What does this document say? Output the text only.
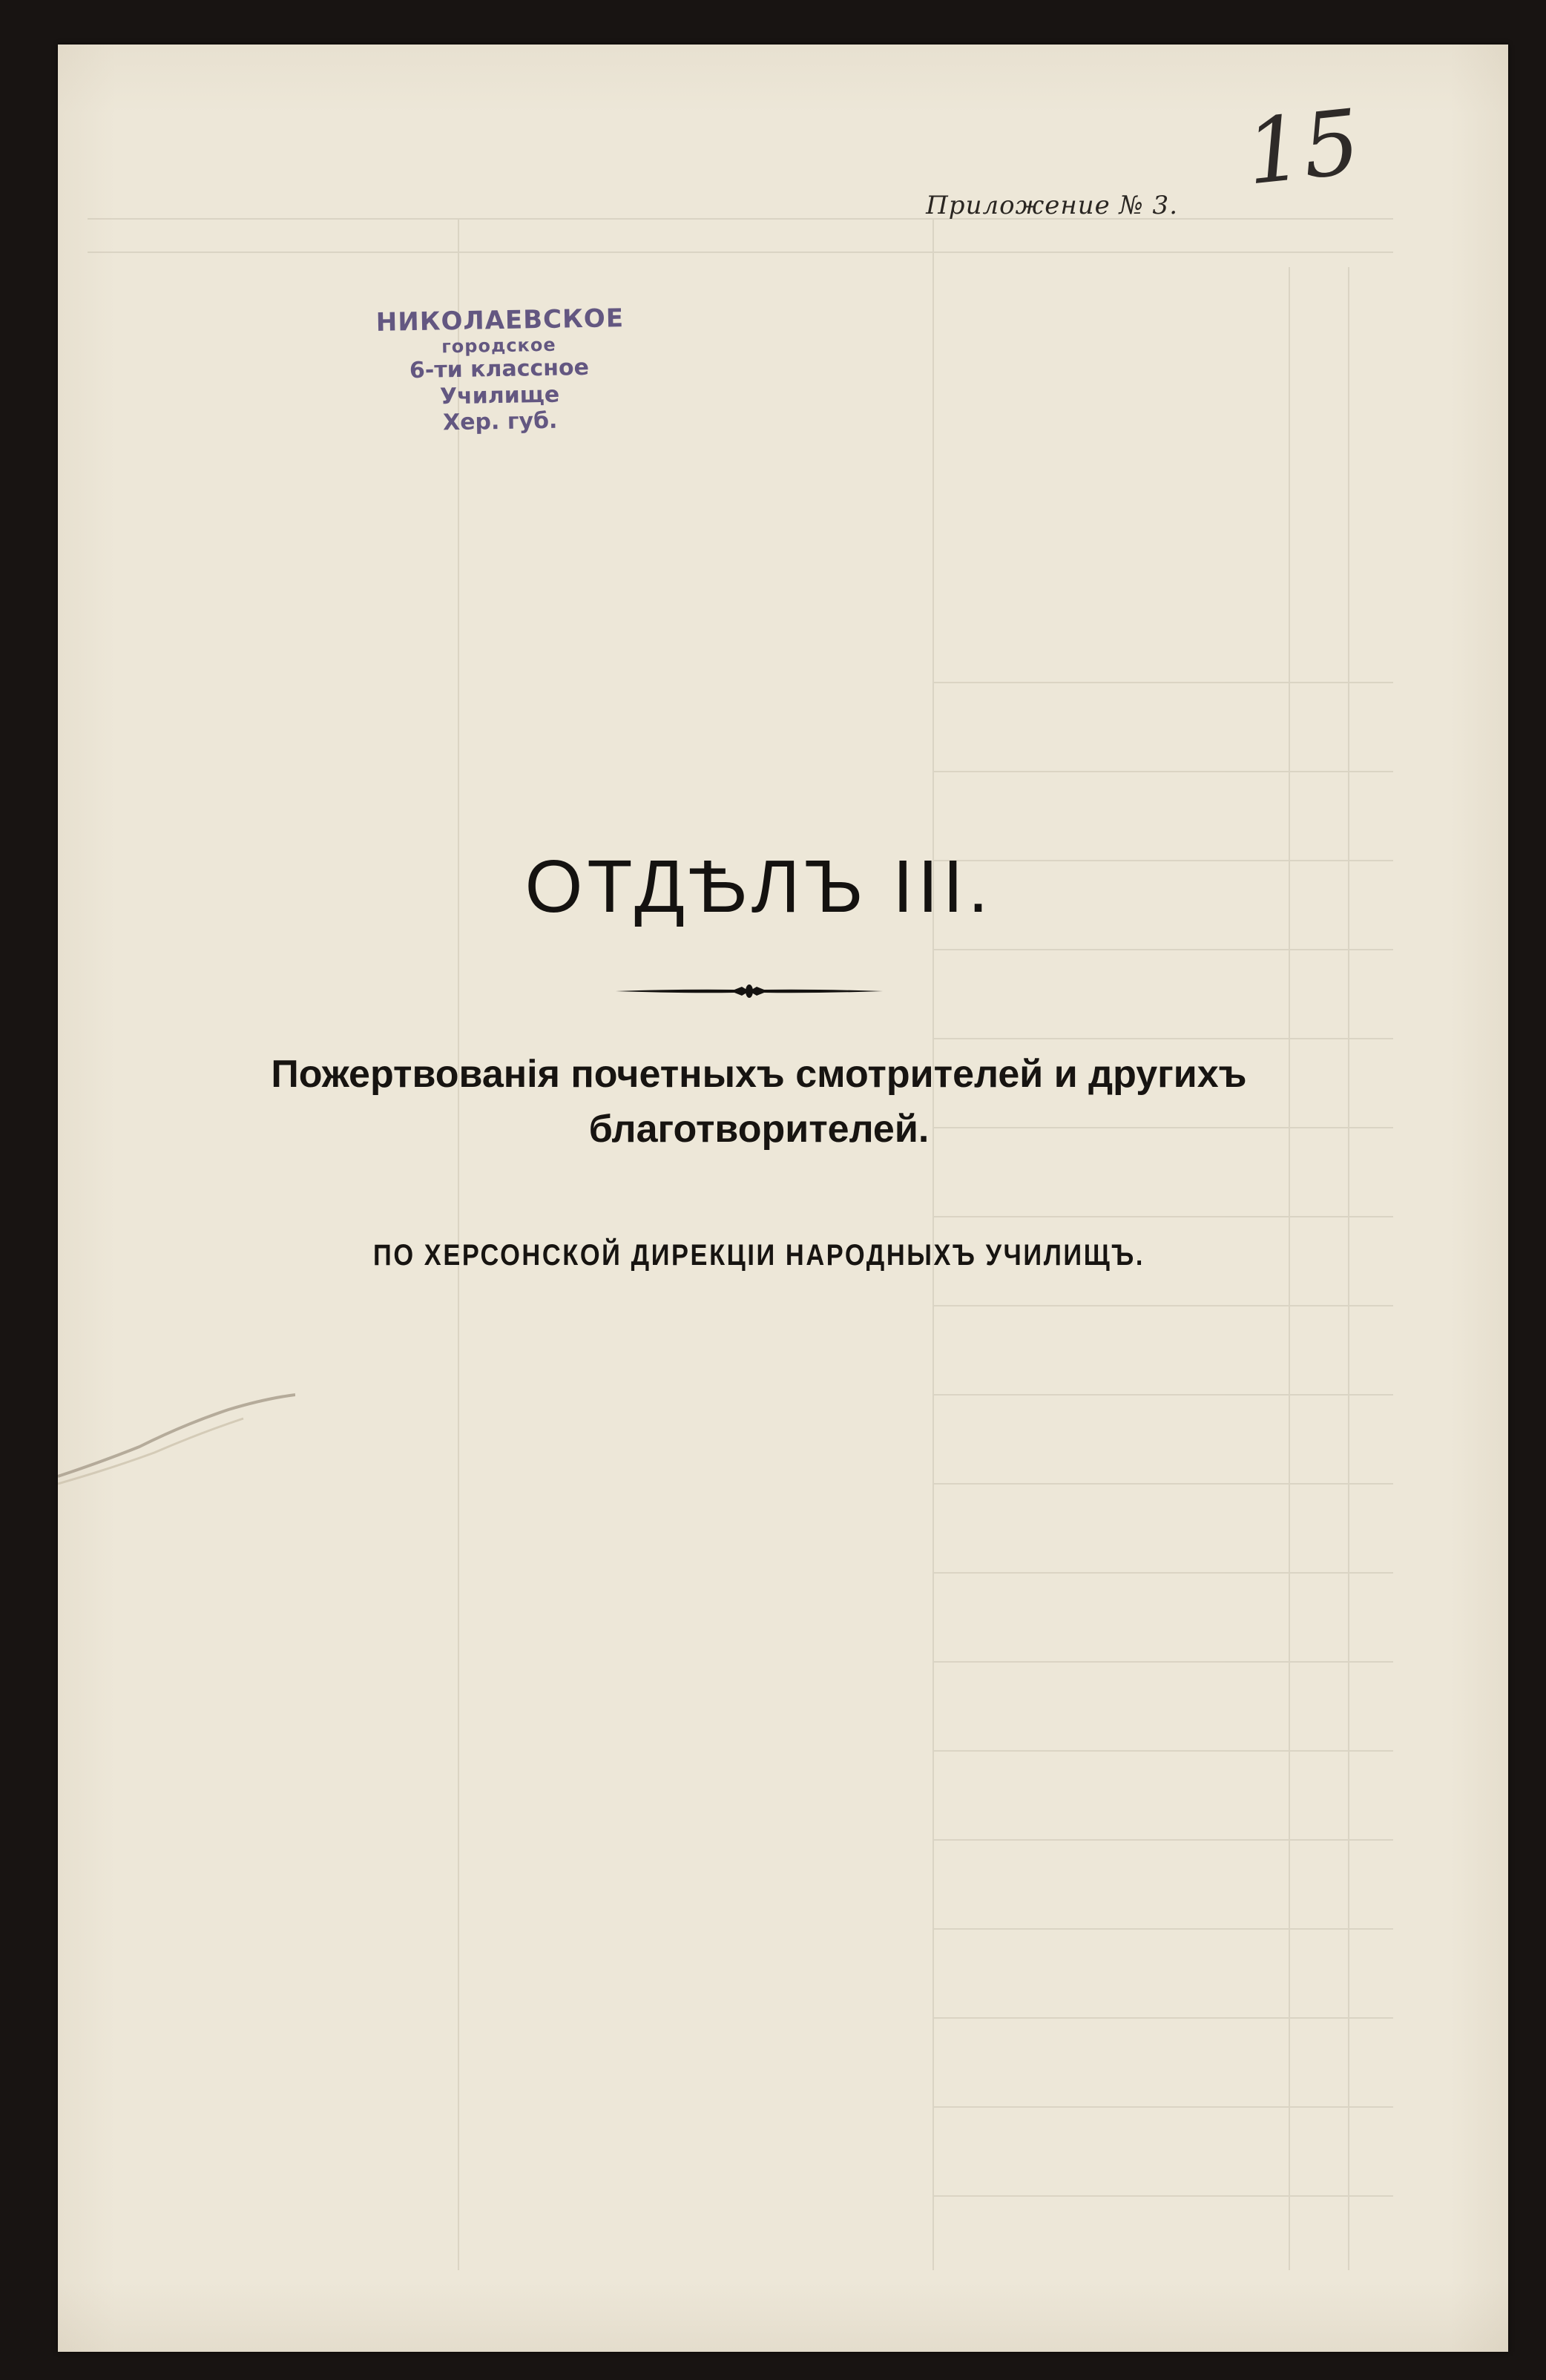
Приложение № 3.
15
НИКОЛАЕВСКОЕ
городское
6-ти классное Училище
Хер. губ.
ОТДѢЛЪ III.
Пожертвованія почетныхъ смотрителей и другихъ
благотворителей.
ПО ХЕРСОНСКОЙ ДИРЕКЦІИ НАРОДНЫХЪ УЧИЛИЩЪ.
